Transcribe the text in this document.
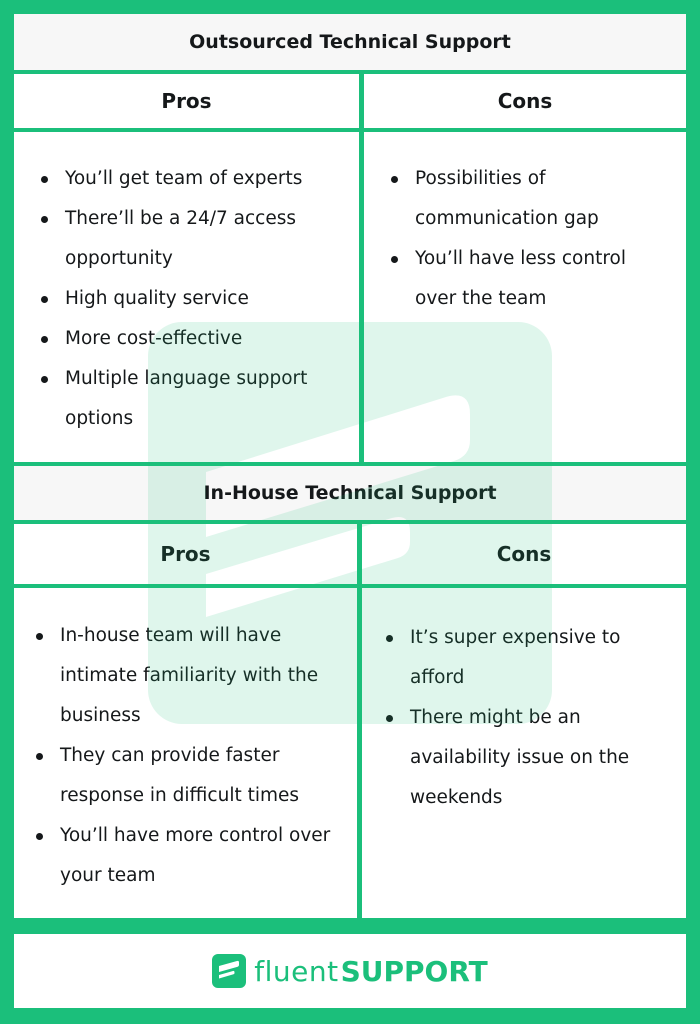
Outsourced Technical Support
Pros	Cons
You’ll get team of experts
There’ll be a 24/7 access opportunity
High quality service
More cost-effective
Multiple language support options
Possibilities of communication gap
You’ll have less control over the team
In-House Technical Support
Pros	Cons
In-house team will have intimate familiarity with the business
They can provide faster response in difficult times
You’ll have more control over your team
It’s super expensive to afford
There might be an availability issue on the weekends
fluent SUPPORT
